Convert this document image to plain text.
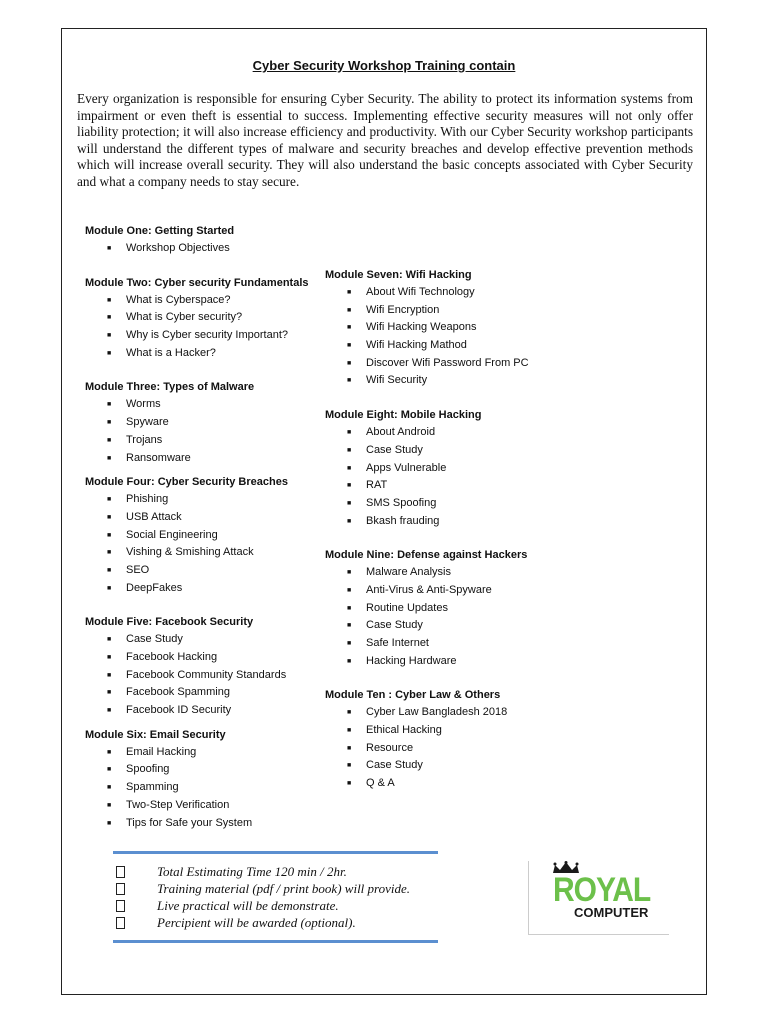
Cyber Security Workshop Training contain
Every organization is responsible for ensuring Cyber Security. The ability to protect its information systems from impairment or even theft is essential to success. Implementing effective security measures will not only offer liability protection; it will also increase efficiency and productivity. With our Cyber Security workshop participants will understand the different types of malware and security breaches and develop effective prevention methods which will increase overall security. They will also understand the basic concepts associated with Cyber Security and what a company needs to stay secure.
Module One: Getting Started
■ Workshop Objectives
Module Two: Cyber security Fundamentals
■ What is Cyberspace?
■ What is Cyber security?
■ Why is Cyber security Important?
■ What is a Hacker?
Module Three: Types of Malware
■ Worms
■ Spyware
■ Trojans
■ Ransomware
Module Four: Cyber Security Breaches
■ Phishing
■ USB Attack
■ Social Engineering
■ Vishing & Smishing Attack
■ SEO
■ DeepFakes
Module Five: Facebook Security
■ Case Study
■ Facebook Hacking
■ Facebook Community Standards
■ Facebook Spamming
■ Facebook ID Security
Module Six: Email Security
■ Email Hacking
■ Spoofing
■ Spamming
■ Two-Step Verification
■ Tips for Safe your System
Module Seven: Wifi Hacking
■ About Wifi Technology
■ Wifi Encryption
■ Wifi Hacking Weapons
■ Wifi Hacking Mathod
■ Discover Wifi Password From PC
■ Wifi Security
Module Eight: Mobile Hacking
■ About Android
■ Case Study
■ Apps Vulnerable
■ RAT
■ SMS Spoofing
■ Bkash frauding
Module Nine: Defense against Hackers
■ Malware Analysis
■ Anti-Virus & Anti-Spyware
■ Routine Updates
■ Case Study
■ Safe Internet
■ Hacking Hardware
Module Ten : Cyber Law & Others
■ Cyber Law Bangladesh 2018
■ Ethical Hacking
■ Resource
■ Case Study
■ Q & A
Total Estimating Time 120 min / 2hr.
Training material (pdf / print book) will provide.
Live practical will be demonstrate.
Percipient will be awarded (optional).
ROYAL
COMPUTER
